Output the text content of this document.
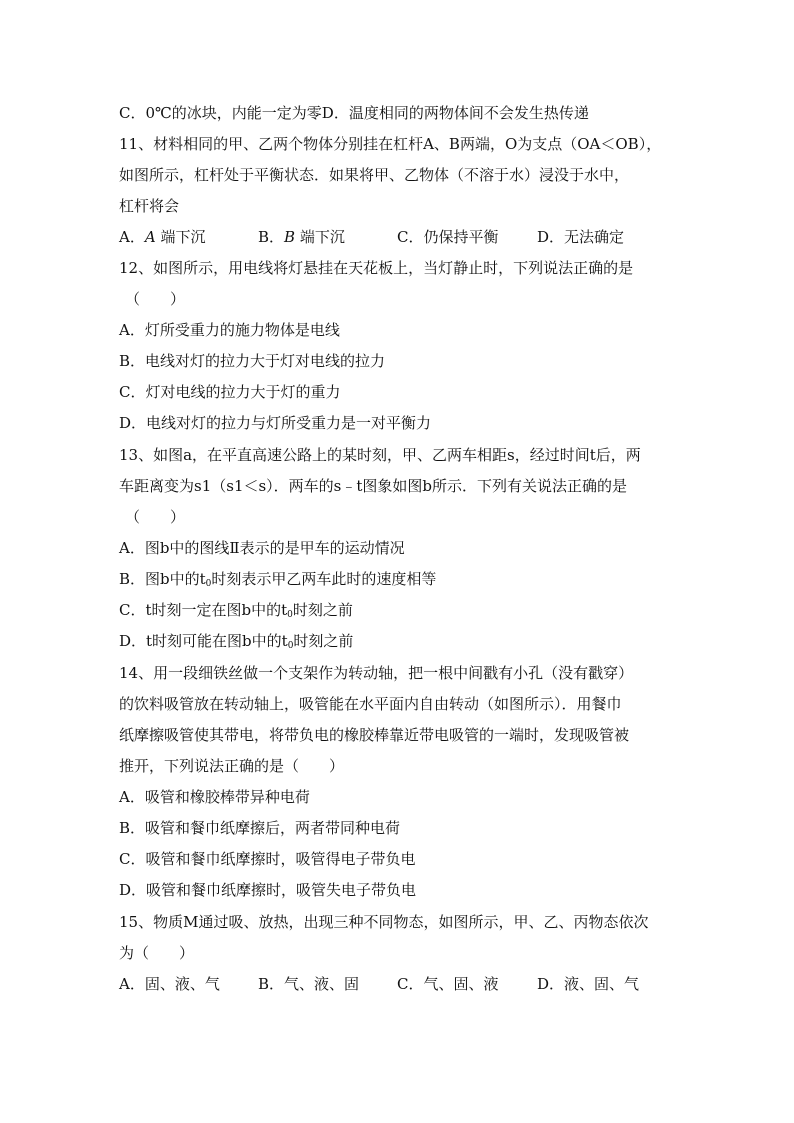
C．0℃的冰块，内能一定为零D．温度相同的两物体间不会发生热传递
11、材料相同的甲、乙两个物体分别挂在杠杆A、B两端，O为支点（OA＜OB），
如图所示，杠杆处于平衡状态．如果将甲、乙物体（不溶于水）浸没于水中，
杠杆将会
A．A 端下沉	B．B 端下沉	C．仍保持平衡	D．无法确定
12、如图所示，用电线将灯悬挂在天花板上，当灯静止时，下列说法正确的是
（　　）
A．灯所受重力的施力物体是电线
B．电线对灯的拉力大于灯对电线的拉力
C．灯对电线的拉力大于灯的重力
D．电线对灯的拉力与灯所受重力是一对平衡力
13、如图a，在平直高速公路上的某时刻，甲、乙两车相距s，经过时间t后，两
车距离变为s1（s1＜s）．两车的s﹣t图象如图b所示．下列有关说法正确的是
（　　）
A．图b中的图线Ⅱ表示的是甲车的运动情况
B．图b中的$t_0$时刻表示甲乙两车此时的速度相等
C．t时刻一定在图b中的$t_0$时刻之前
D．t时刻可能在图b中的$t_0$时刻之前
14、用一段细铁丝做一个支架作为转动轴，把一根中间戳有小孔（没有戳穿）
的饮料吸管放在转动轴上，吸管能在水平面内自由转动（如图所示）．用餐巾
纸摩擦吸管使其带电，将带负电的橡胶棒靠近带电吸管的一端时，发现吸管被
推开，下列说法正确的是（　　）
A．吸管和橡胶棒带异种电荷
B．吸管和餐巾纸摩擦后，两者带同种电荷
C．吸管和餐巾纸摩擦时，吸管得电子带负电
D．吸管和餐巾纸摩擦时，吸管失电子带负电
15、物质M通过吸、放热，出现三种不同物态，如图所示，甲、乙、丙物态依次
为（　　）
A．固、液、气	B．气、液、固	C．气、固、液	D．液、固、气
